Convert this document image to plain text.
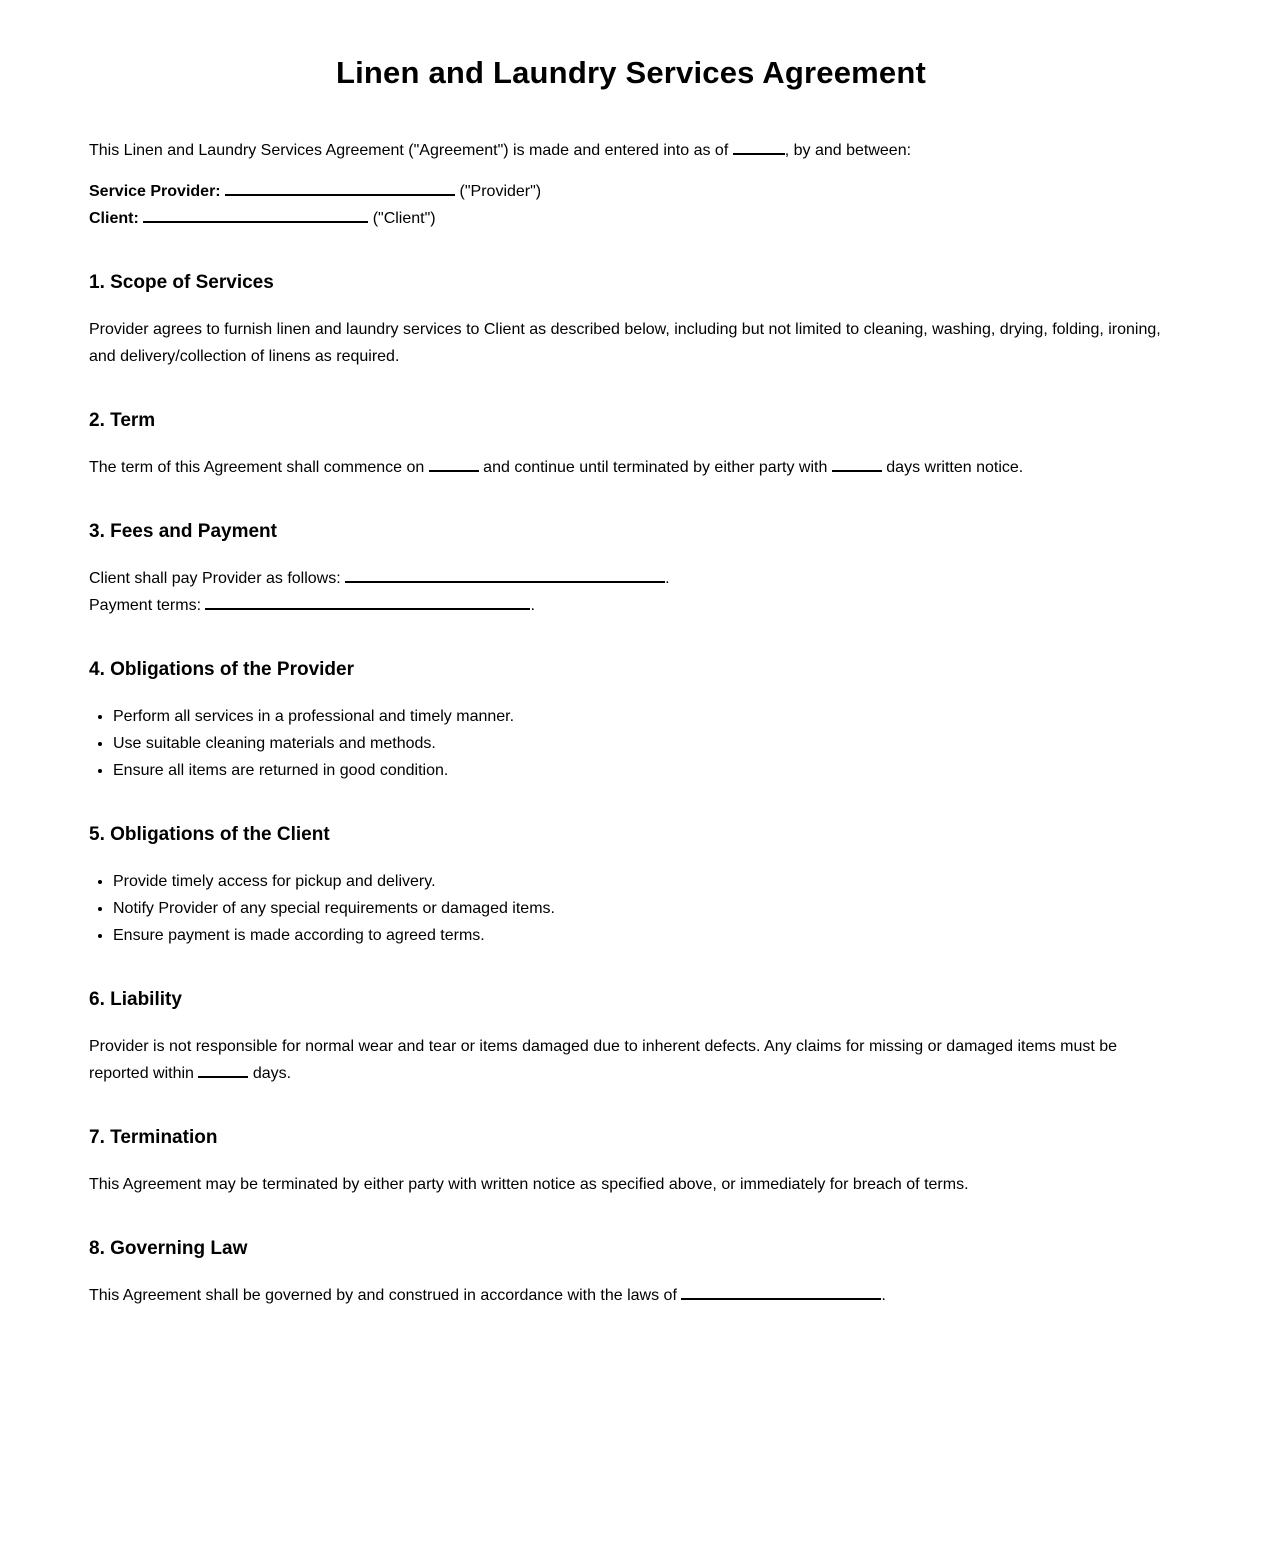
Linen and Laundry Services Agreement

This Linen and Laundry Services Agreement ("Agreement") is made and entered into as of	, by and between:

Service Provider:	("Provider")
Client:	("Client")

1. Scope of Services

Provider agrees to furnish linen and laundry services to Client as described below, including but not limited to cleaning, washing, drying, folding, ironing, and delivery/collection of linens as required.

2. Term

The term of this Agreement shall commence on	and continue until terminated by either party with	days written notice.

3. Fees and Payment

Client shall pay Provider as follows:	.
Payment terms:	.

4. Obligations of the Provider
• Perform all services in a professional and timely manner.
• Use suitable cleaning materials and methods.
• Ensure all items are returned in good condition.
5. Obligations of the Client
• Provide timely access for pickup and delivery.
• Notify Provider of any special requirements or damaged items.
• Ensure payment is made according to agreed terms.
6. Liability

Provider is not responsible for normal wear and tear or items damaged due to inherent defects. Any claims for missing or damaged items must be reported within	days.

7. Termination

This Agreement may be terminated by either party with written notice as specified above, or immediately for breach of terms.

8. Governing Law

This Agreement shall be governed by and construed in accordance with the laws of	.
